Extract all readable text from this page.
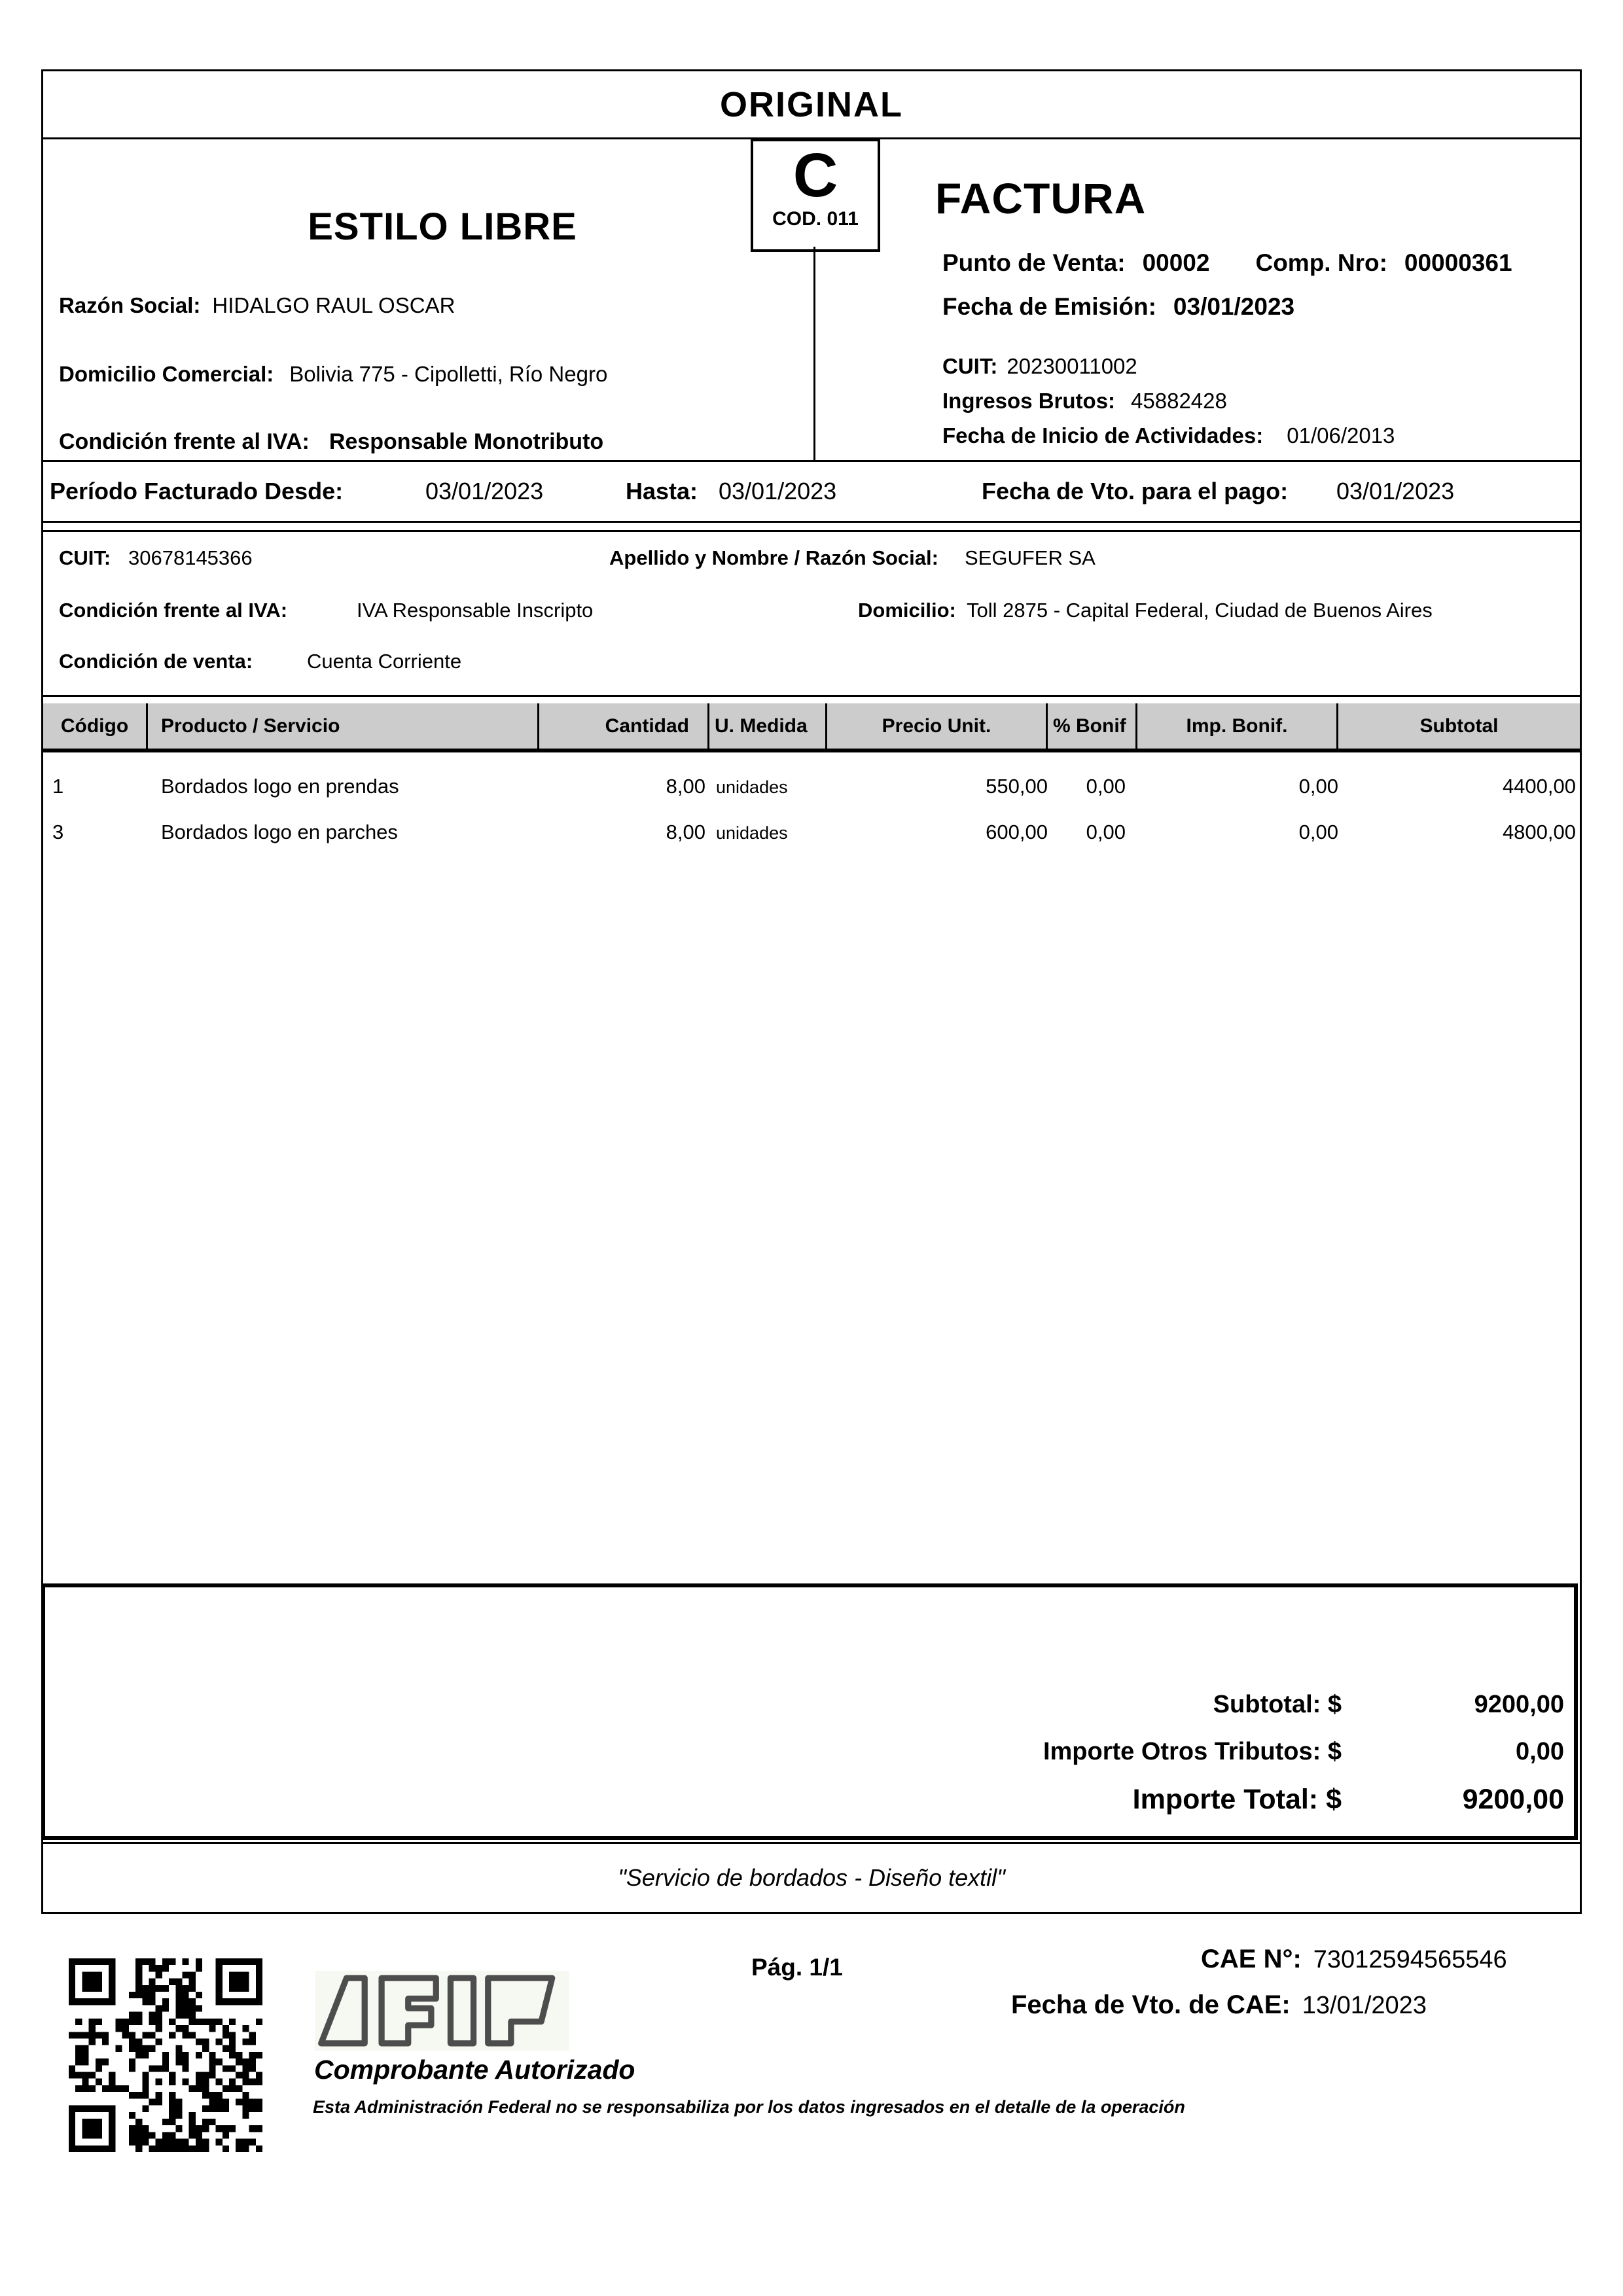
ORIGINAL
ESTILO LIBRE
Razón Social: HIDALGO RAUL OSCAR
Domicilio Comercial: Bolivia 775 - Cipolletti, Río Negro
Condición frente al IVA: Responsable Monotributo
C
COD. 011 FACTURA
Punto de Venta: 00002 Comp. Nro: 00000361
Fecha de Emisión: 03/01/2023
CUIT: 20230011002
Ingresos Brutos: 45882428
Fecha de Inicio de Actividades: 01/06/2013
Período Facturado Desde:	03/01/2023	Hasta: 03/01/2023	Fecha de Vto. para el pago: 03/01/2023
CUIT: 30678145366	Apellido y Nombre / Razón Social: SEGUFER SA
Condición frente al IVA:	IVA Responsable Inscripto	Domicilio: Toll 2875 - Capital Federal, Ciudad de Buenos Aires
Condición de venta:	Cuenta Corriente
Código	Producto / Servicio	Cantidad	U. Medida	Precio Unit.	% Bonif	Imp. Bonif.	Subtotal
1	Bordados logo en prendas	8,00 unidades	550,00	0,00	0,00	4400,00
3	Bordados logo en parches	8,00 unidades	600,00	0,00	0,00	4800,00
Subtotal: $	9200,00
Importe Otros Tributos: $	0,00
Importe Total: $	9200,00
"Servicio de bordados - Diseño textil"
Pág. 1/1	CAE N°: 73012594565546
Fecha de Vto. de CAE: 13/01/2023
Comprobante Autorizado
Esta Administración Federal no se responsabiliza por los datos ingresados en el detalle de la operación
